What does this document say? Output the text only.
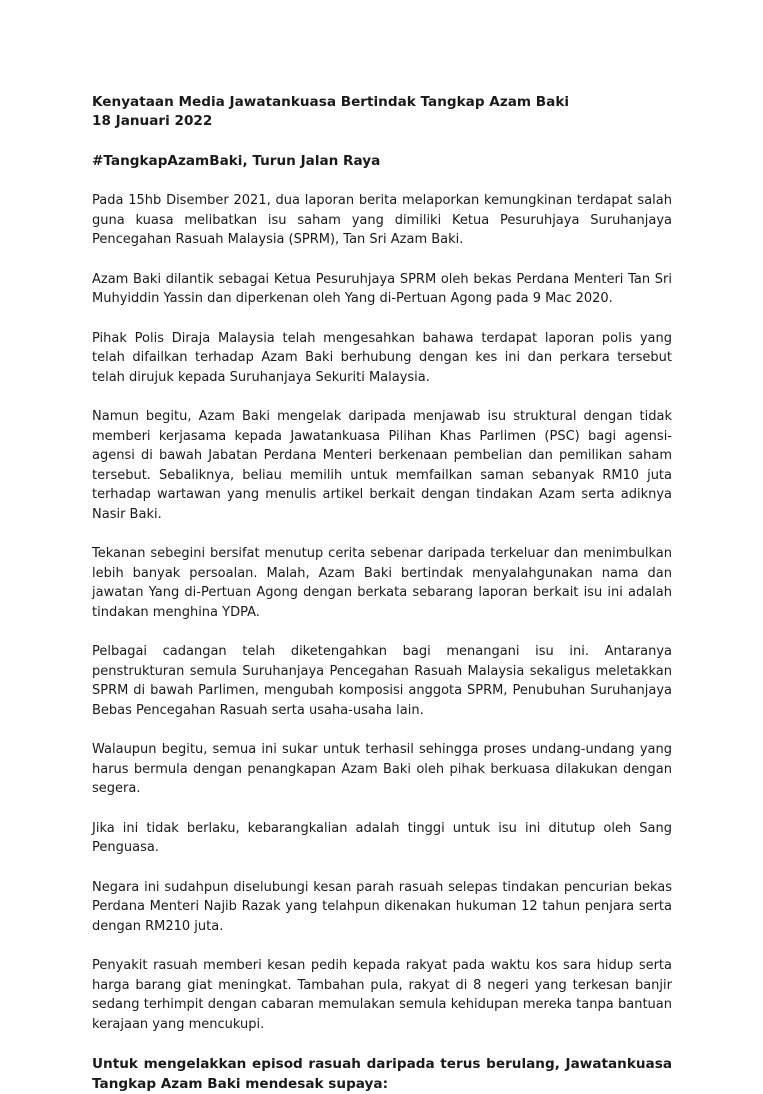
Kenyataan Media Jawatankuasa Bertindak Tangkap Azam Baki

18 Januari 2022

#TangkapAzamBaki, Turun Jalan Raya

Pada 15hb Disember 2021, dua laporan berita melaporkan kemungkinan terdapat salah guna kuasa melibatkan isu saham yang dimiliki Ketua Pesuruhjaya Suruhanjaya Pencegahan Rasuah Malaysia (SPRM), Tan Sri Azam Baki.

Azam Baki dilantik sebagai Ketua Pesuruhjaya SPRM oleh bekas Perdana Menteri Tan Sri Muhyiddin Yassin dan diperkenan oleh Yang di-Pertuan Agong pada 9 Mac 2020.

Pihak Polis Diraja Malaysia telah mengesahkan bahawa terdapat laporan polis yang telah difailkan terhadap Azam Baki berhubung dengan kes ini dan perkara tersebut telah dirujuk kepada Suruhanjaya Sekuriti Malaysia.

Namun begitu, Azam Baki mengelak daripada menjawab isu struktural dengan tidak memberi kerjasama kepada Jawatankuasa Pilihan Khas Parlimen (PSC) bagi agensi-agensi di bawah Jabatan Perdana Menteri berkenaan pembelian dan pemilikan saham tersebut. Sebaliknya, beliau memilih untuk memfailkan saman sebanyak RM10 juta terhadap wartawan yang menulis artikel berkait dengan tindakan Azam serta adiknya Nasir Baki.

Tekanan sebegini bersifat menutup cerita sebenar daripada terkeluar dan menimbulkan lebih banyak persoalan. Malah, Azam Baki bertindak menyalahgunakan nama dan jawatan Yang di-Pertuan Agong dengan berkata sebarang laporan berkait isu ini adalah tindakan menghina YDPA.

Pelbagai cadangan telah diketengahkan bagi menangani isu ini. Antaranya penstrukturan semula Suruhanjaya Pencegahan Rasuah Malaysia sekaligus meletakkan SPRM di bawah Parlimen, mengubah komposisi anggota SPRM, Penubuhan Suruhanjaya Bebas Pencegahan Rasuah serta usaha-usaha lain.

Walaupun begitu, semua ini sukar untuk terhasil sehingga proses undang-undang yang harus bermula dengan penangkapan Azam Baki oleh pihak berkuasa dilakukan dengan segera.

Jika ini tidak berlaku, kebarangkalian adalah tinggi untuk isu ini ditutup oleh Sang Penguasa.

Negara ini sudahpun diselubungi kesan parah rasuah selepas tindakan pencurian bekas Perdana Menteri Najib Razak yang telahpun dikenakan hukuman 12 tahun penjara serta dengan RM210 juta.

Penyakit rasuah memberi kesan pedih kepada rakyat pada waktu kos sara hidup serta harga barang giat meningkat. Tambahan pula, rakyat di 8 negeri yang terkesan banjir sedang terhimpit dengan cabaran memulakan semula kehidupan mereka tanpa bantuan kerajaan yang mencukupi.

Untuk mengelakkan episod rasuah daripada terus berulang, Jawatankuasa Tangkap Azam Baki mendesak supaya:
